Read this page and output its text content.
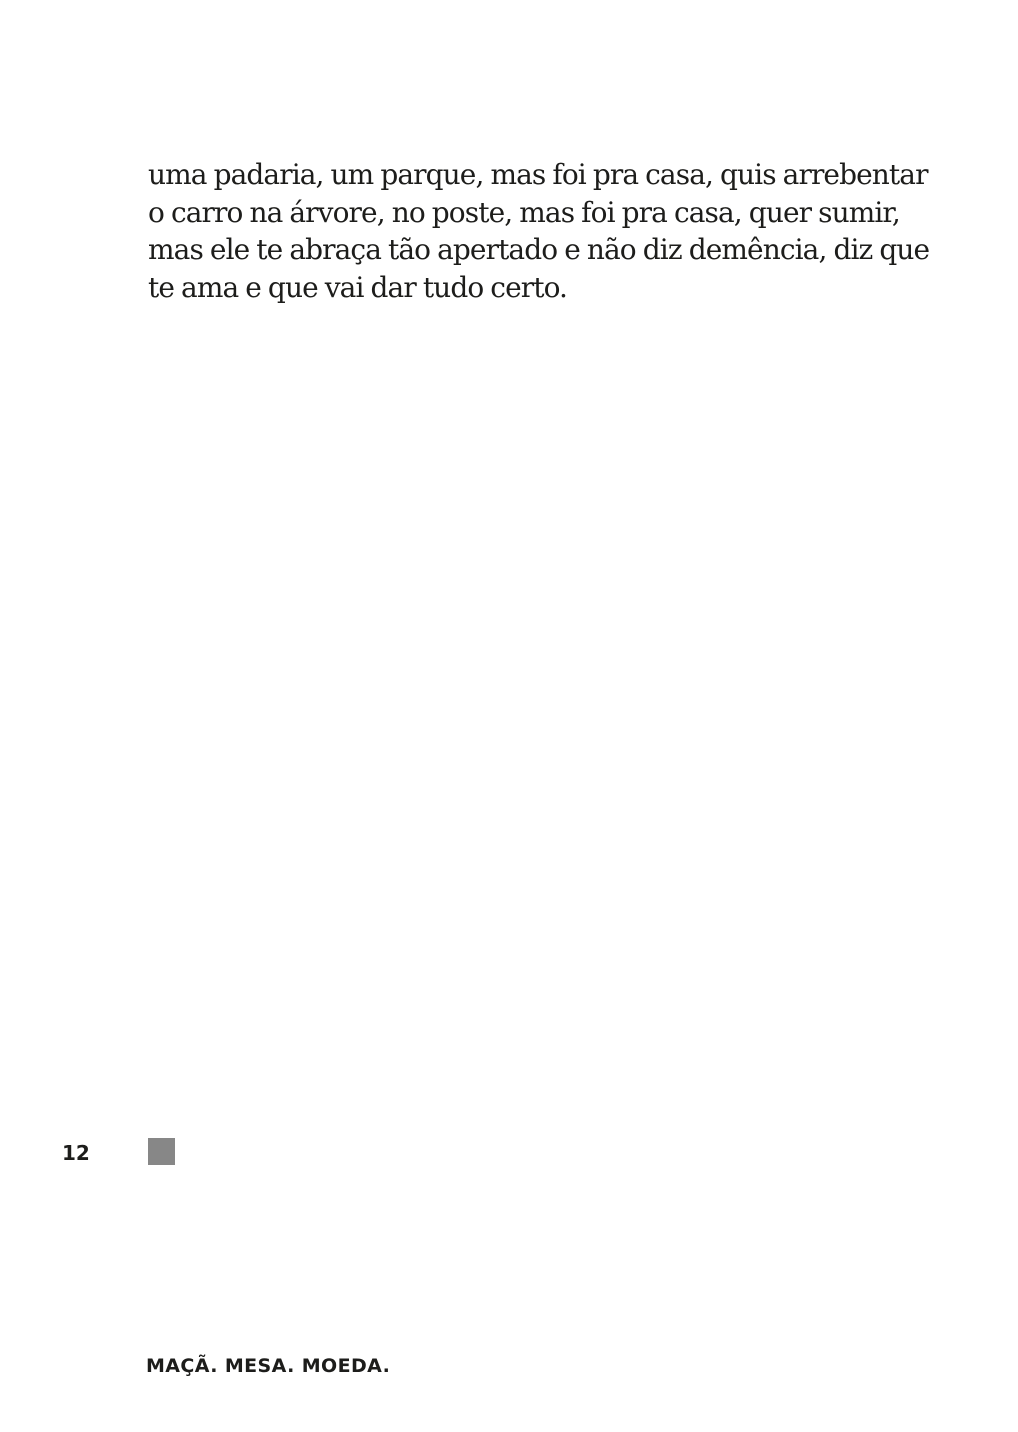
uma padaria, um parque, mas foi pra casa, quis arrebentar
o carro na árvore, no poste, mas foi pra casa, quer sumir,
mas ele te abraça tão apertado e não diz demência, diz que
te ama e que vai dar tudo certo.
12
MAÇÃ. MESA. MOEDA.
